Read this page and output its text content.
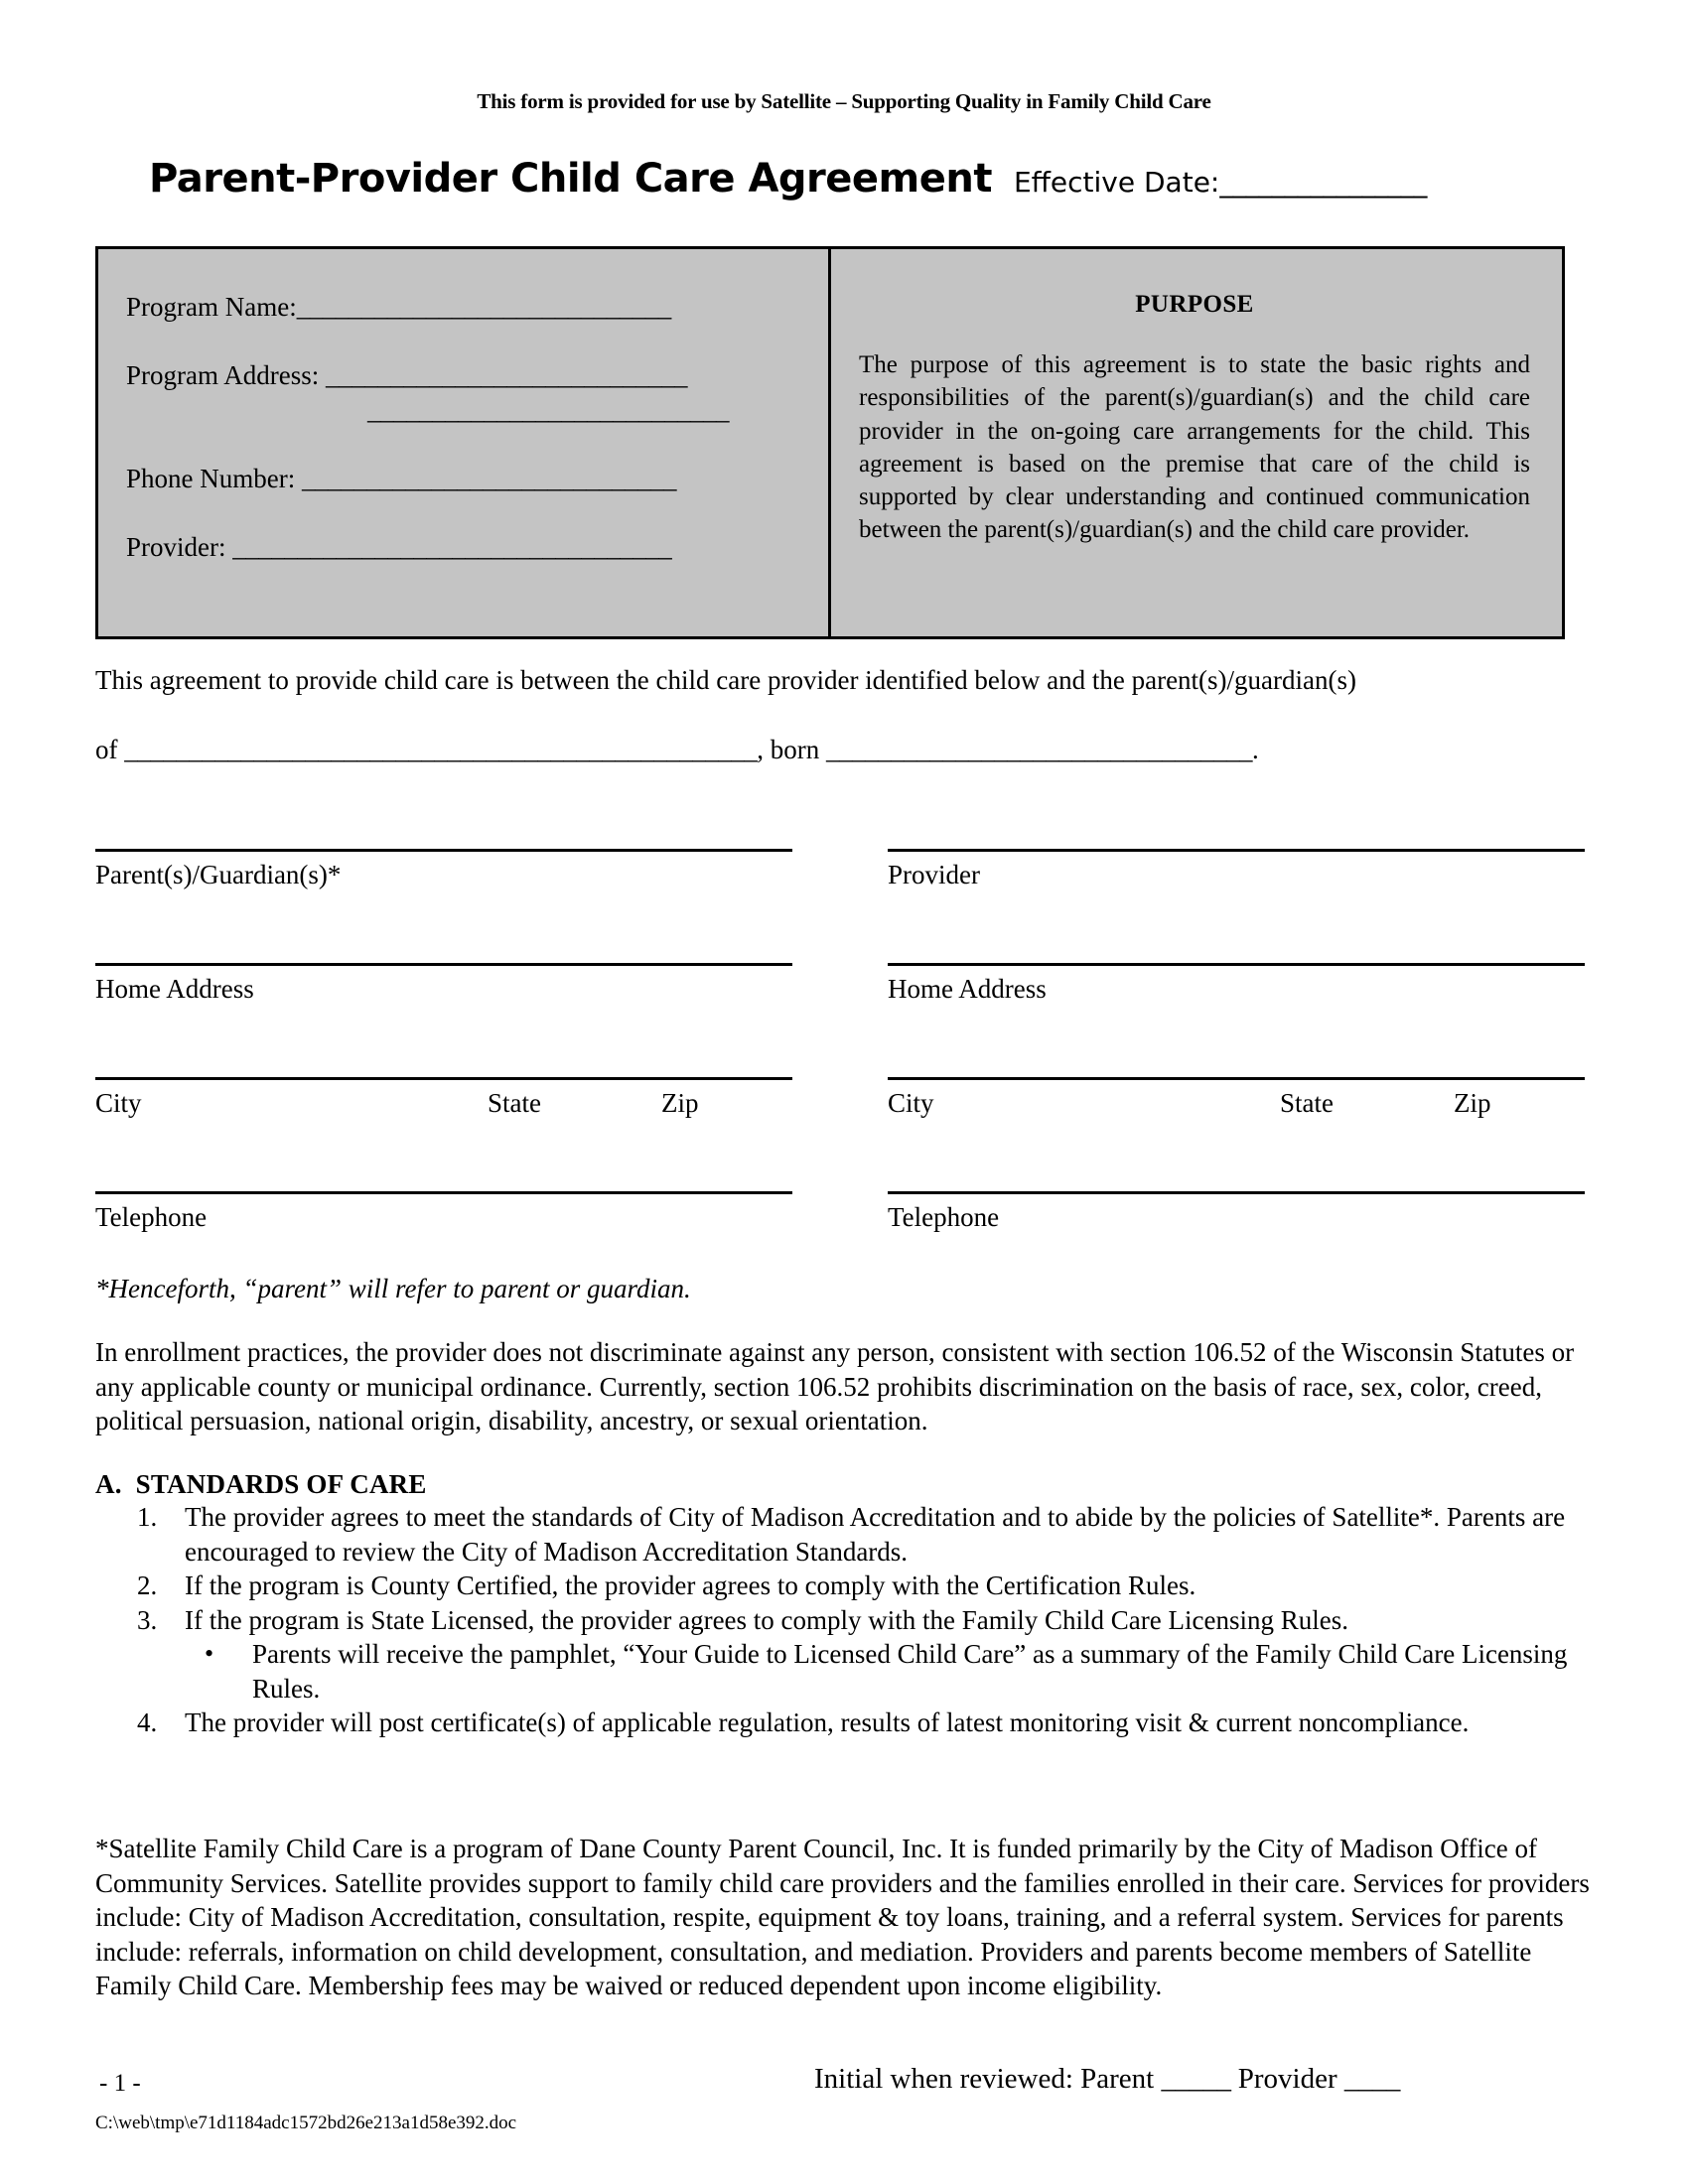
This form is provided for use by Satellite – Supporting Quality in Family Child Care
Parent-Provider Child Care Agreement Effective Date: ________________
Program Name:_____________________________
Program Address: ____________________________
____________________________
Phone Number: _____________________________
Provider: __________________________________
PURPOSE
The purpose of this agreement is to state the basic rights and responsibilities of the parent(s)/guardian(s) and the child care provider in the on-going care arrangements for the child. This agreement is based on the premise that care of the child is supported by clear understanding and continued communication between the parent(s)/guardian(s) and the child care provider.
This agreement to provide child care is between the child care provider identified below and the parent(s)/guardian(s)
of _________________________________________________, born _________________________________.
Parent(s)/Guardian(s)*	Provider
Home Address	Home Address
City	State	Zip	City	State	Zip
Telephone	Telephone
*Henceforth, “parent” will refer to parent or guardian.
In enrollment practices, the provider does not discriminate against any person, consistent with section 106.52 of the Wisconsin Statutes or any applicable county or municipal ordinance. Currently, section 106.52 prohibits discrimination on the basis of race, sex, color, creed, political persuasion, national origin, disability, ancestry, or sexual orientation.
A. STANDARDS OF CARE
1.	The provider agrees to meet the standards of City of Madison Accreditation and to abide by the policies of Satellite*. Parents are encouraged to review the City of Madison Accreditation Standards.
2.	If the program is County Certified, the provider agrees to comply with the Certification Rules.
3.	If the program is State Licensed, the provider agrees to comply with the Family Child Care Licensing Rules.
•	Parents will receive the pamphlet, “Your Guide to Licensed Child Care” as a summary of the Family Child Care Licensing Rules.
4.	The provider will post certificate(s) of applicable regulation, results of latest monitoring visit & current noncompliance.
*Satellite Family Child Care is a program of Dane County Parent Council, Inc. It is funded primarily by the City of Madison Office of Community Services. Satellite provides support to family child care providers and the families enrolled in their care. Services for providers include: City of Madison Accreditation, consultation, respite, equipment & toy loans, training, and a referral system. Services for parents include: referrals, information on child development, consultation, and mediation. Providers and parents become members of Satellite Family Child Care. Membership fees may be waived or reduced dependent upon income eligibility.
- 1 -
C:\web\tmp\e71d1184adc1572bd26e213a1d58e392.doc
Initial when reviewed: Parent _____ Provider ____
